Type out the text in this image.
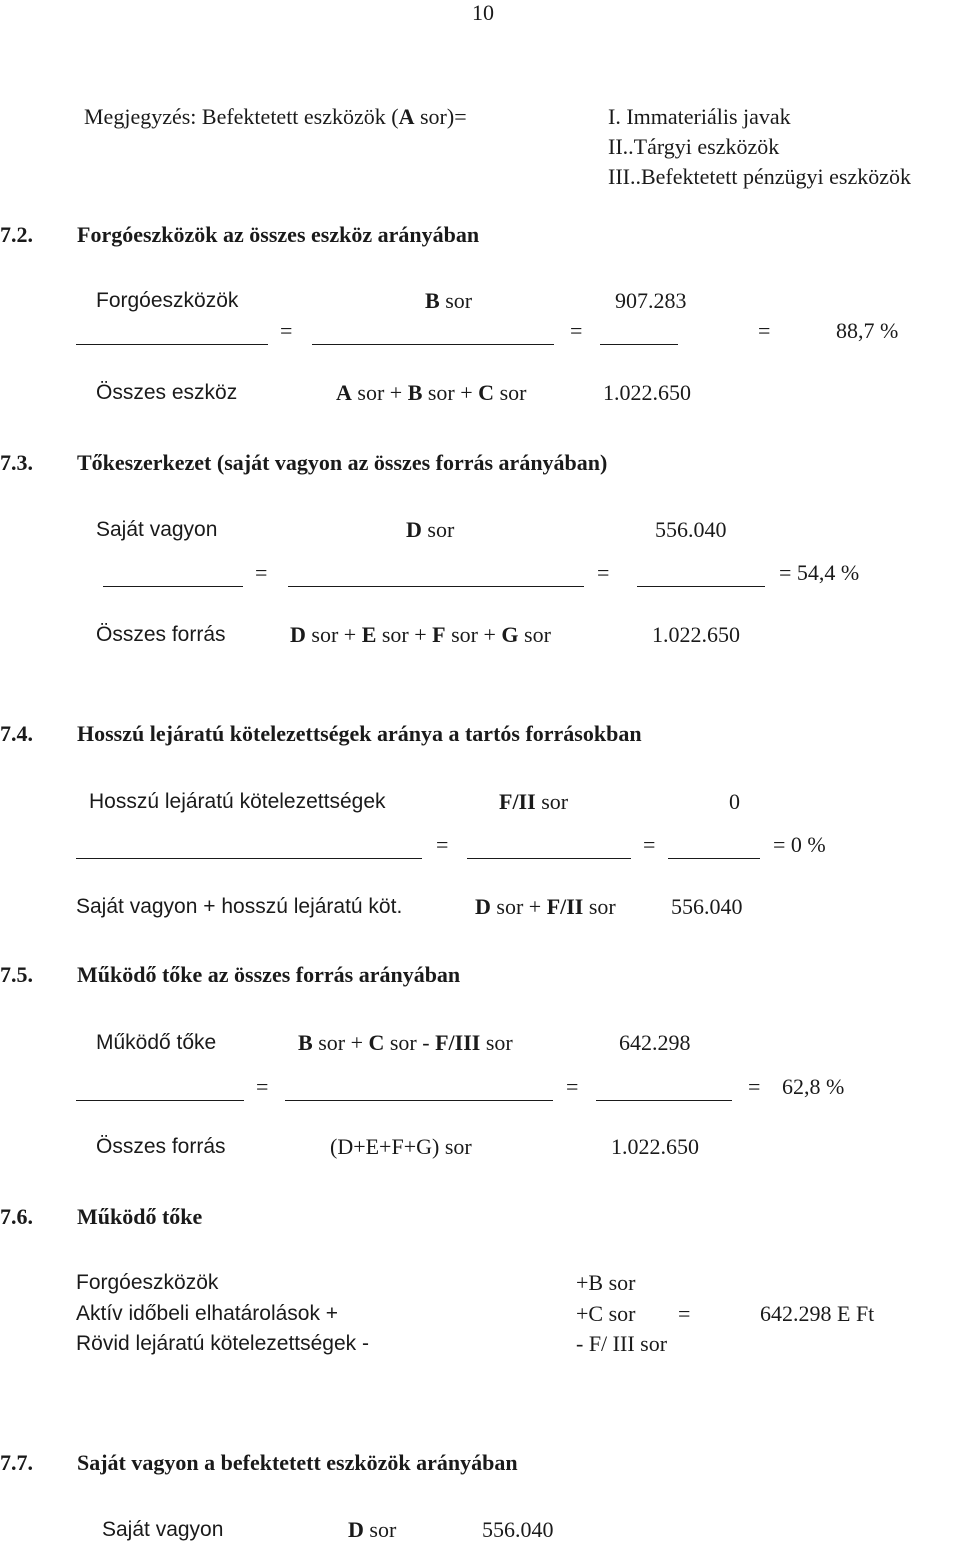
10
Megjegyzés: Befektetett eszközök (A sor)=	I. Immateriális javak
II..Tárgyi eszközök
III..Befektetett pénzügyi eszközök
7.2. Forgóeszközök az összes eszköz arányában
Forgóeszközök	B sor	907.283
=	=	=	88,7 %
Összes eszköz	A sor + B sor + C sor	1.022.650
7.3. Tőkeszerkezet (saját vagyon az összes forrás arányában)
Saját vagyon	D sor	556.040
=	=	= 54,4 %
Összes forrás	D sor + E sor + F sor + G sor	1.022.650
7.4. Hosszú lejáratú kötelezettségek aránya a tartós forrásokban
Hosszú lejáratú kötelezettségek	F/II sor	0
=	=	= 0 %
Saját vagyon + hosszú lejáratú köt.	D sor + F/II sor	556.040
7.5. Működő tőke az összes forrás arányában
Működő tőke	B sor + C sor - F/III sor	642.298
=	=	= 62,8 %
Összes forrás	(D+E+F+G) sor	1.022.650
7.6. Működő tőke
Forgóeszközök	+B sor
Aktív időbeli elhatárolások +	+C sor =	642.298 E Ft
Rövid lejáratú kötelezettségek -	- F/ III sor
7.7. Saját vagyon a befektetett eszközök arányában
Saját vagyon	D sor	556.040
